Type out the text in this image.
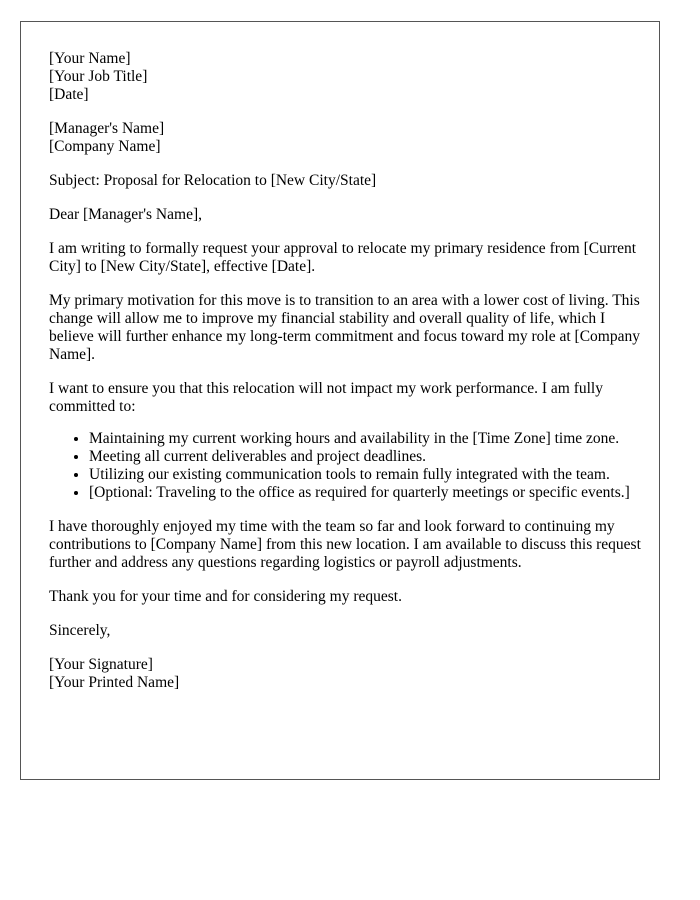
[Your Name]
[Your Job Title]
[Date]
[Manager's Name]
[Company Name]

Subject: Proposal for Relocation to [New City/State]

Dear [Manager's Name],

I am writing to formally request your approval to relocate my primary residence from [Current City] to [New City/State], effective [Date].

My primary motivation for this move is to transition to an area with a lower cost of living. This change will allow me to improve my financial stability and overall quality of life, which I believe will further enhance my long-term commitment and focus toward my role at [Company Name].

I want to ensure you that this relocation will not impact my work performance. I am fully committed to:

• Maintaining my current working hours and availability in the [Time Zone] time zone.
• Meeting all current deliverables and project deadlines.
• Utilizing our existing communication tools to remain fully integrated with the team.
• [Optional: Traveling to the office as required for quarterly meetings or specific events.]

I have thoroughly enjoyed my time with the team so far and look forward to continuing my contributions to [Company Name] from this new location. I am available to discuss this request further and address any questions regarding logistics or payroll adjustments.

Thank you for your time and for considering my request.

Sincerely,

[Your Signature]
[Your Printed Name]
